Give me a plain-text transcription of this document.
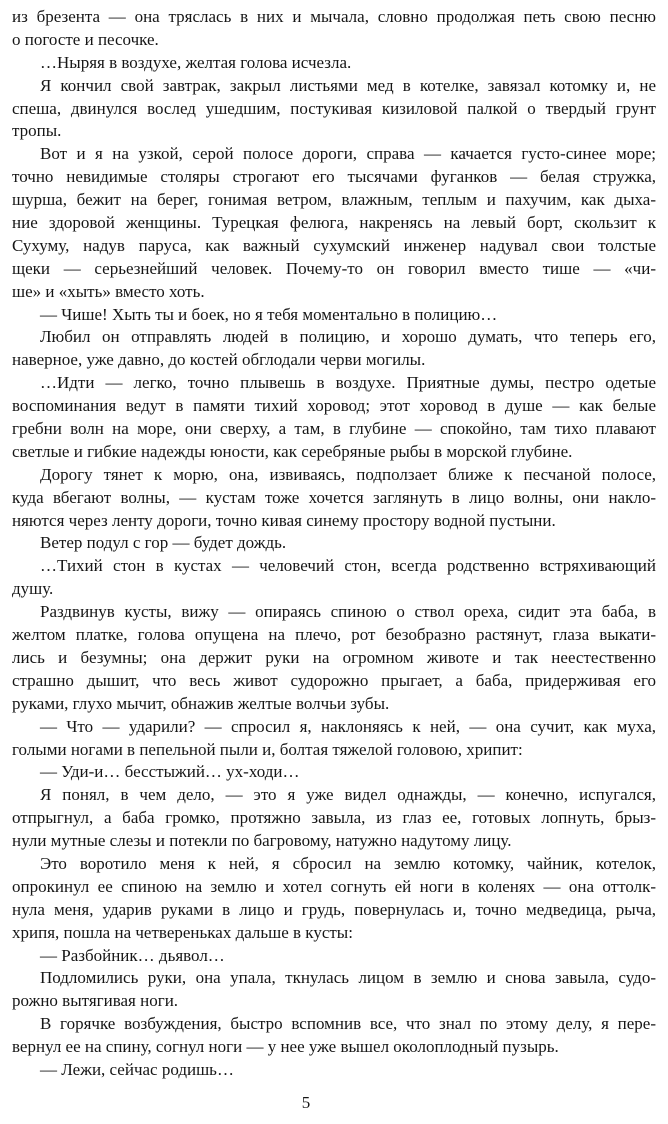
из брезента — она тряслась в них и мычала, словно продолжая петь свою песню
о погосте и песочке.

…Ныряя в воздухе, желтая голова исчезла.

Я кончил свой завтрак, закрыл листьями мед в котелке, завязал котомку и, не
спеша, двинулся вослед ушедшим, постукивая кизиловой палкой о твердый грунт
тропы.

Вот и я на узкой, серой полосе дороги, справа — качается густо-синее море;
точно невидимые столяры строгают его тысячами фуганков — белая стружка,
шурша, бежит на берег, гонимая ветром, влажным, теплым и пахучим, как дыха-
ние здоровой женщины. Турецкая фелюга, накренясь на левый борт, скользит к
Сухуму, надув паруса, как важный сухумский инженер надувал свои толстые
щеки — серьезнейший человек. Почему-то он говорил вместо тише — «чи-
ше» и «хыть» вместо хоть.

— Чише! Хыть ты и боек, но я тебя моментально в полицию…

Любил он отправлять людей в полицию, и хорошо думать, что теперь его,
наверное, уже давно, до костей обглодали черви могилы.

…Идти — легко, точно плывешь в воздухе. Приятные думы, пестро одетые
воспоминания ведут в памяти тихий хоровод; этот хоровод в душе — как белые
гребни волн на море, они сверху, а там, в глубине — спокойно, там тихо плавают
светлые и гибкие надежды юности, как серебряные рыбы в морской глубине.

Дорогу тянет к морю, она, извиваясь, подползает ближе к песчаной полосе,
куда вбегают волны, — кустам тоже хочется заглянуть в лицо волны, они накло-
няются через ленту дороги, точно кивая синему простору водной пустыни.

Ветер подул с гор — будет дождь.

…Тихий стон в кустах — человечий стон, всегда родственно встряхивающий
душу.

Раздвинув кусты, вижу — опираясь спиною о ствол ореха, сидит эта баба, в
желтом платке, голова опущена на плечо, рот безобразно растянут, глаза выкати-
лись и безумны; она держит руки на огромном животе и так неестественно
страшно дышит, что весь живот судорожно прыгает, а баба, придерживая его
руками, глухо мычит, обнажив желтые волчьи зубы.

— Что — ударили? — спросил я, наклоняясь к ней, — она сучит, как муха,
голыми ногами в пепельной пыли и, болтая тяжелой головою, хрипит:

— Уди-и… бесстыжий… ух-ходи…

Я понял, в чем дело, — это я уже видел однажды, — конечно, испугался,
отпрыгнул, а баба громко, протяжно завыла, из глаз ее, готовых лопнуть, брыз-
нули мутные слезы и потекли по багровому, натужно надутому лицу.

Это воротило меня к ней, я сбросил на землю котомку, чайник, котелок,
опрокинул ее спиною на землю и хотел согнуть ей ноги в коленях — она оттолк-
нула меня, ударив руками в лицо и грудь, повернулась и, точно медведица, рыча,
хрипя, пошла на четвереньках дальше в кусты:

— Разбойник… дьявол…

Подломились руки, она упала, ткнулась лицом в землю и снова завыла, судо-
рожно вытягивая ноги.

В горячке возбуждения, быстро вспомнив все, что знал по этому делу, я пере-
вернул ее на спину, согнул ноги — у нее уже вышел околоплодный пузырь.

— Лежи, сейчас родишь…

5
